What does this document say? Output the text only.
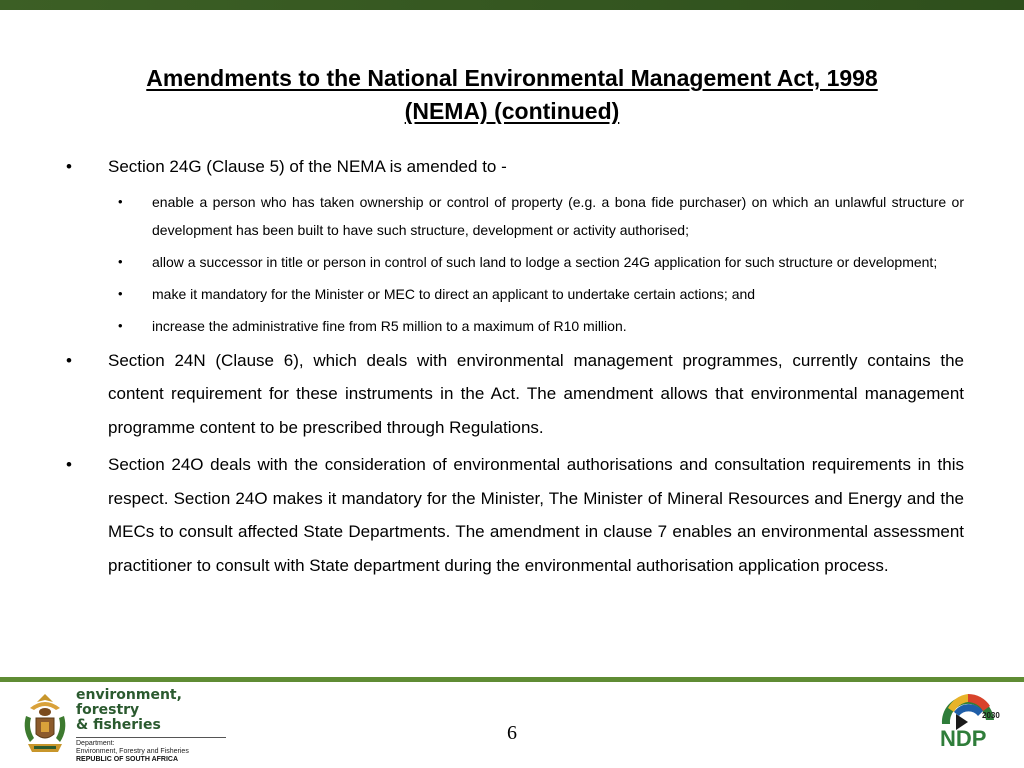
Amendments to the National Environmental Management Act, 1998
(NEMA) (continued)
• Section 24G (Clause 5) of the NEMA is amended to -
• enable a person who has taken ownership or control of property (e.g. a bona fide purchaser) on which an unlawful structure or development has been built to have such structure, development or activity authorised;
• allow a successor in title or person in control of such land to lodge a section 24G application for such structure or development;
• make it mandatory for the Minister or MEC to direct an applicant to undertake certain actions; and
• increase the administrative fine from R5 million to a maximum of R10 million.
• Section 24N (Clause 6), which deals with environmental management programmes, currently contains the content requirement for these instruments in the Act. The amendment allows that environmental management programme content to be prescribed through Regulations.
• Section 24O deals with the consideration of environmental authorisations and consultation requirements in this respect. Section 24O makes it mandatory for the Minister, The Minister of Mineral Resources and Energy and the MECs to consult affected State Departments. The amendment in clause 7 enables an environmental assessment practitioner to consult with State department during the environmental authorisation application process.
environment, forestry
& fisheries
Department:
Environment, Forestry and Fisheries
REPUBLIC OF SOUTH AFRICA
6
2030
NDP
